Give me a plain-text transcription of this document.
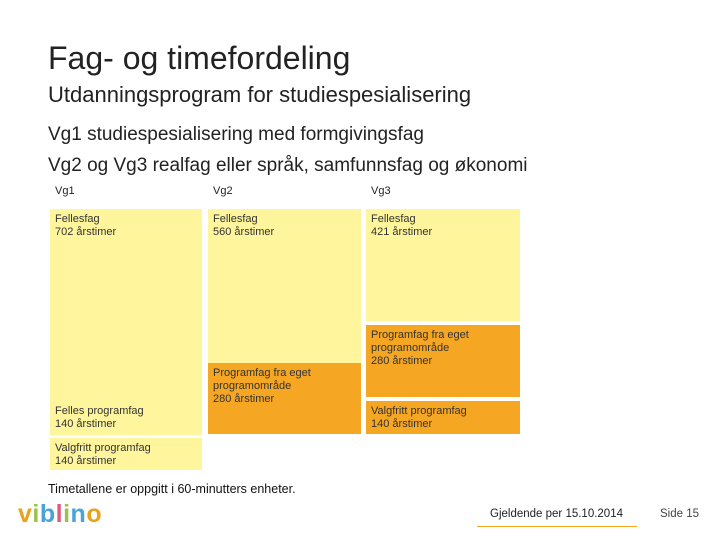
Fag- og timefordeling
Utdanningsprogram for studiespesialisering
Vg1 studiespesialisering med formgivingsfag
Vg2 og Vg3 realfag eller språk, samfunnsfag og økonomi
Vg1	Vg2	Vg3
Fellesfag
702 årstimer
Felles programfag
140 årstimer
Valgfritt programfag
140 årstimer
Fellesfag
560 årstimer
Programfag fra eget
programområde
280 årstimer
Fellesfag
421 årstimer
Programfag fra eget
programområde
280 årstimer
Valgfritt programfag
140 årstimer
Timetallene er oppgitt i 60-minutters enheter.
viblino	Gjeldende per 15.10.2014	Side 15
